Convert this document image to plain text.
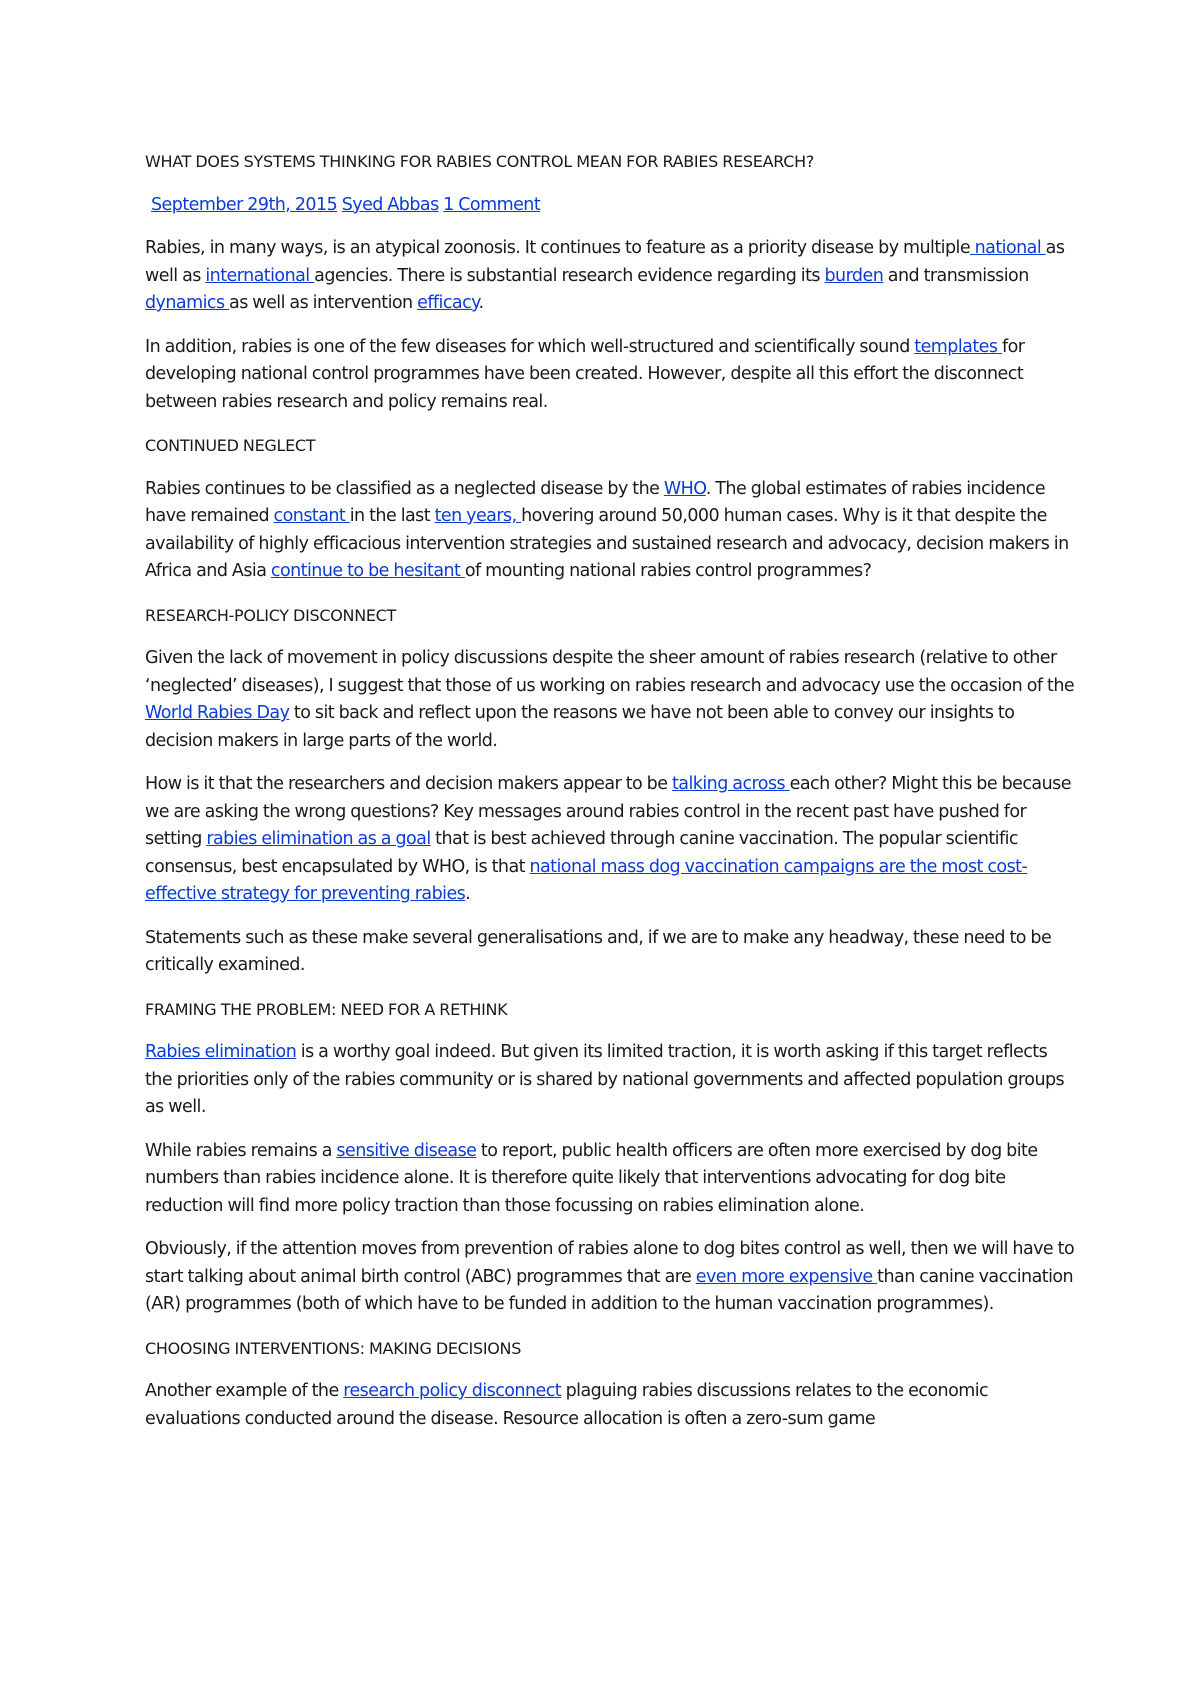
WHAT DOES SYSTEMS THINKING FOR RABIES CONTROL MEAN FOR RABIES RESEARCH?

September 29th, 2015 Syed Abbas 1 Comment

Rabies, in many ways, is an atypical zoonosis. It continues to feature as a priority disease by multiple national as well as international agencies. There is substantial research evidence regarding its burden and transmission dynamics as well as intervention efficacy.

In addition, rabies is one of the few diseases for which well-structured and scientifically sound templates for developing national control programmes have been created. However, despite all this effort the disconnect between rabies research and policy remains real.

CONTINUED NEGLECT

Rabies continues to be classified as a neglected disease by the WHO. The global estimates of rabies incidence have remained constant in the last ten years, hovering around 50,000 human cases. Why is it that despite the availability of highly efficacious intervention strategies and sustained research and advocacy, decision makers in Africa and Asia continue to be hesitant of mounting national rabies control programmes?

RESEARCH-POLICY DISCONNECT

Given the lack of movement in policy discussions despite the sheer amount of rabies research (relative to other ‘neglected’ diseases), I suggest that those of us working on rabies research and advocacy use the occasion of the World Rabies Day to sit back and reflect upon the reasons we have not been able to convey our insights to decision makers in large parts of the world.

How is it that the researchers and decision makers appear to be talking across each other? Might this be because we are asking the wrong questions? Key messages around rabies control in the recent past have pushed for setting rabies elimination as a goal that is best achieved through canine vaccination. The popular scientific consensus, best encapsulated by WHO, is that national mass dog vaccination campaigns are the most cost-effective strategy for preventing rabies.

Statements such as these make several generalisations and, if we are to make any headway, these need to be critically examined.

FRAMING THE PROBLEM: NEED FOR A RETHINK

Rabies elimination is a worthy goal indeed. But given its limited traction, it is worth asking if this target reflects the priorities only of the rabies community or is shared by national governments and affected population groups as well.

While rabies remains a sensitive disease to report, public health officers are often more exercised by dog bite numbers than rabies incidence alone. It is therefore quite likely that interventions advocating for dog bite reduction will find more policy traction than those focussing on rabies elimination alone.

Obviously, if the attention moves from prevention of rabies alone to dog bites control as well, then we will have to start talking about animal birth control (ABC) programmes that are even more expensive than canine vaccination (AR) programmes (both of which have to be funded in addition to the human vaccination programmes).

CHOOSING INTERVENTIONS: MAKING DECISIONS

Another example of the research policy disconnect plaguing rabies discussions relates to the economic evaluations conducted around the disease. Resource allocation is often a zero-sum game
